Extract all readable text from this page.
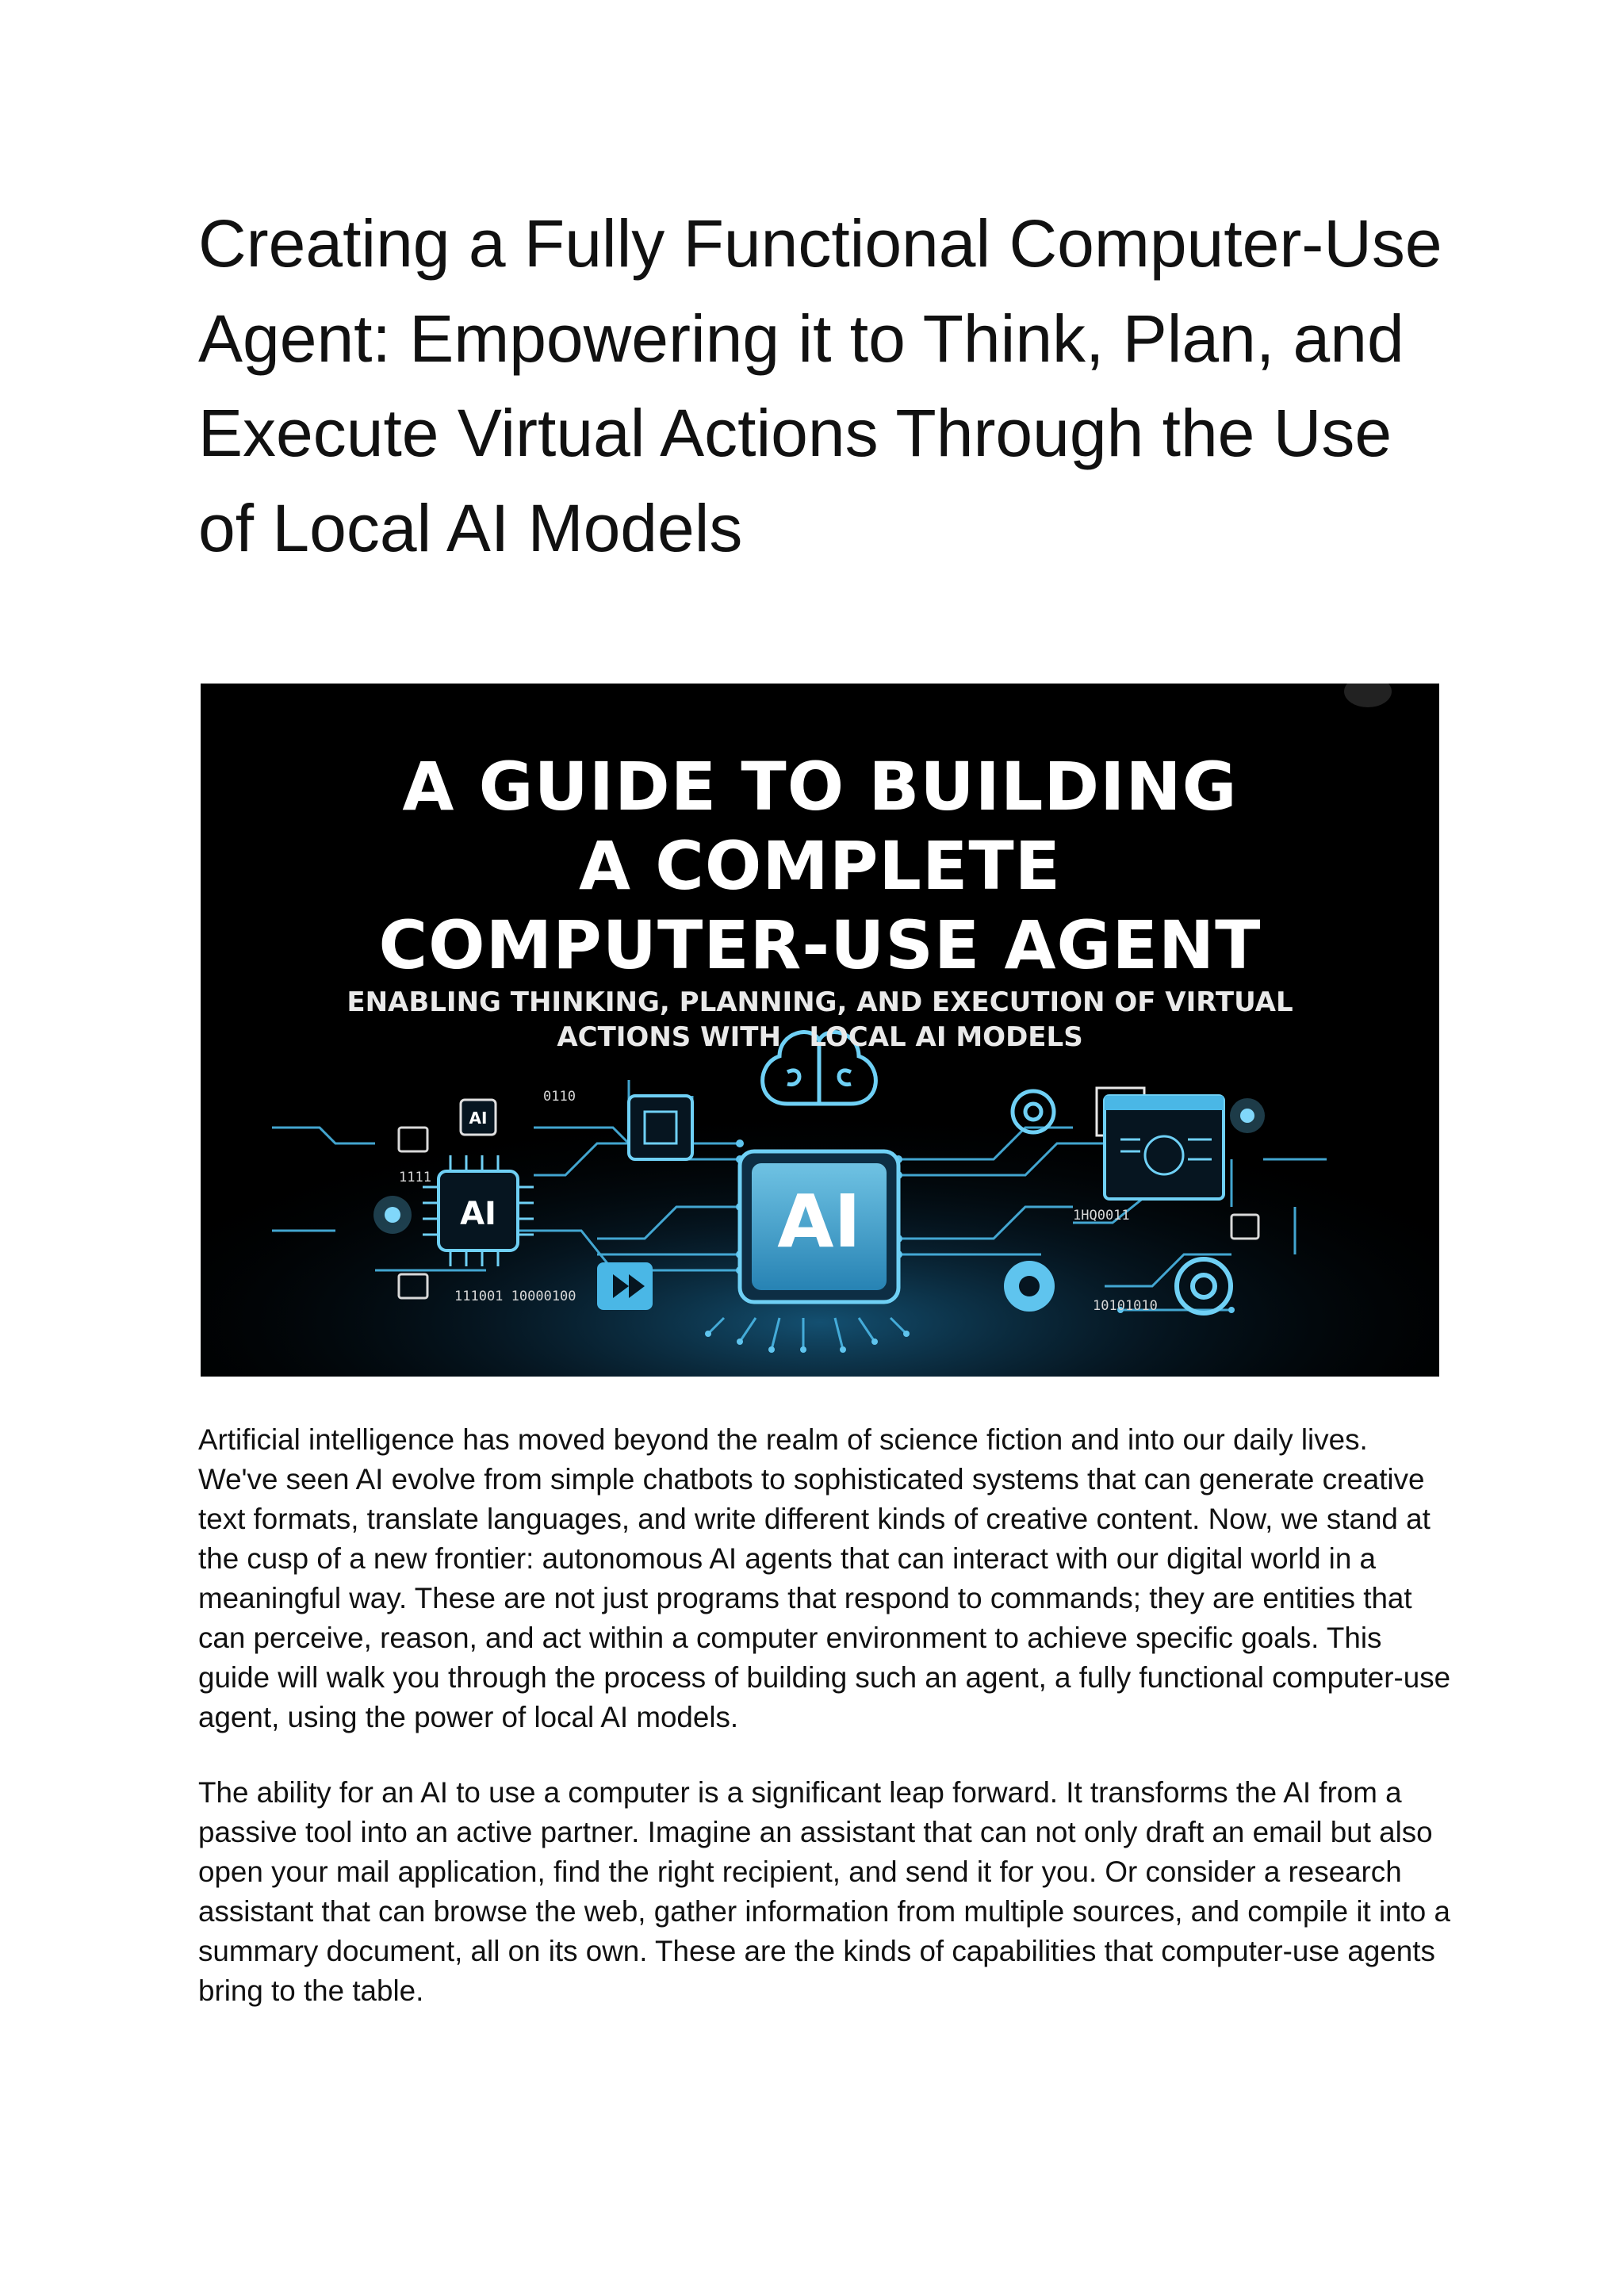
Creating a Fully Functional Computer-Use Agent: Empowering it to Think, Plan, and Execute Virtual Actions Through the Use of Local AI Models
AI
AI
AI
0110
1111
111001 10000100
1HQ0011
10101010
A GUIDE TO BUILDING
A COMPLETE
COMPUTER-USE AGENT
ENABLING THINKING, PLANNING, AND EXECUTION OF VIRTUAL
ACTIONS WITH   LOCAL AI MODELS

Artificial intelligence has moved beyond the realm of science fiction and into our daily lives. We've seen AI evolve from simple chatbots to sophisticated systems that can generate creative text formats, translate languages, and write different kinds of creative content. Now, we stand at the cusp of a new frontier: autonomous AI agents that can interact with our digital world in a meaningful way. These are not just programs that respond to commands; they are entities that can perceive, reason, and act within a computer environment to achieve specific goals. This guide will walk you through the process of building such an agent, a fully functional computer-use agent, using the power of local AI models.

The ability for an AI to use a computer is a significant leap forward. It transforms the AI from a passive tool into an active partner. Imagine an assistant that can not only draft an email but also open your mail application, find the right recipient, and send it for you. Or consider a research assistant that can browse the web, gather information from multiple sources, and compile it into a summary document, all on its own. These are the kinds of capabilities that computer-use agents bring to the table.
